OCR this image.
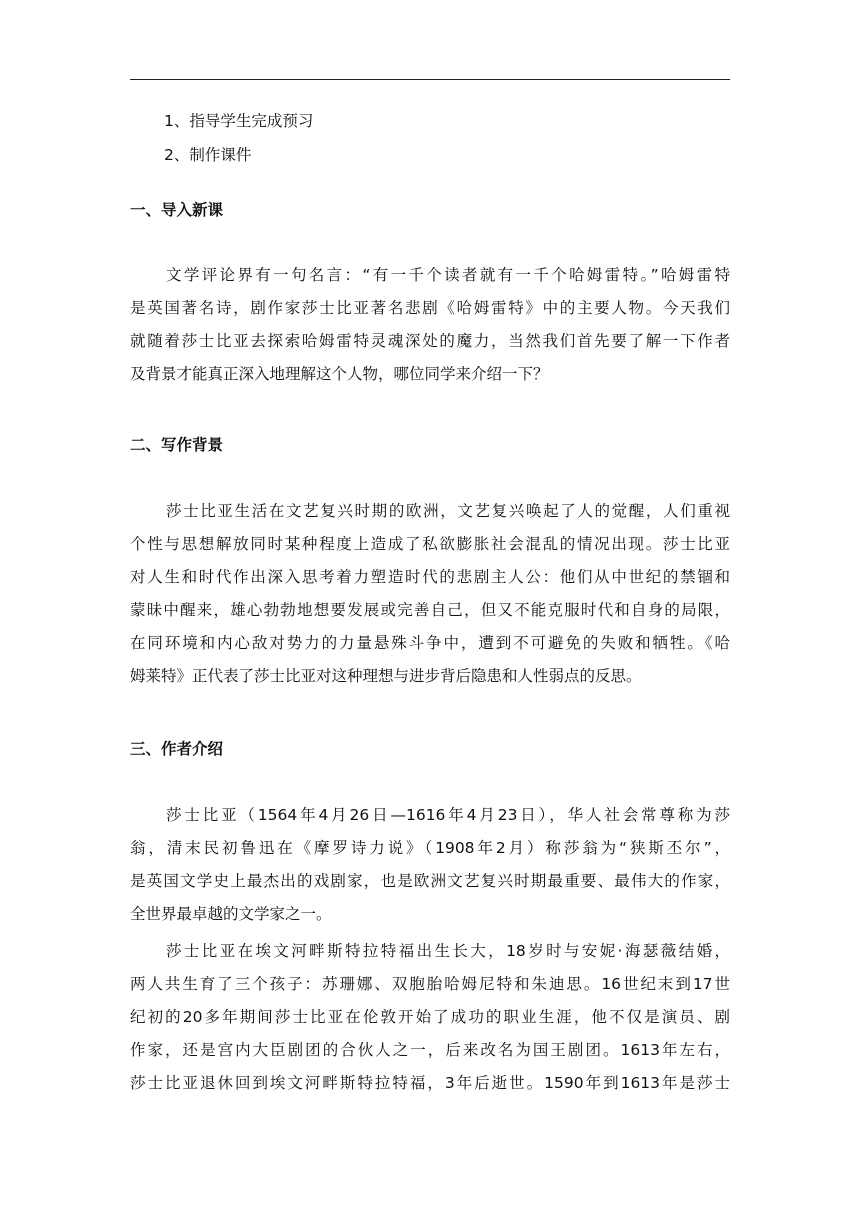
1、指导学生完成预习
2、制作课件
一、导入新课
文学评论界有一句名言：“有一千个读者就有一千个哈姆雷特。”哈姆雷特
是英国著名诗，剧作家莎士比亚著名悲剧《哈姆雷特》中的主要人物。今天我们
就随着莎士比亚去探索哈姆雷特灵魂深处的魔力，当然我们首先要了解一下作者
及背景才能真正深入地理解这个人物，哪位同学来介绍一下？
二、写作背景
莎士比亚生活在文艺复兴时期的欧洲，文艺复兴唤起了人的觉醒，人们重视
个性与思想解放同时某种程度上造成了私欲膨胀社会混乱的情况出现。莎士比亚
对人生和时代作出深入思考着力塑造时代的悲剧主人公：他们从中世纪的禁锢和
蒙昧中醒来，雄心勃勃地想要发展或完善自己，但又不能克服时代和自身的局限，
在同环境和内心敌对势力的力量悬殊斗争中，遭到不可避免的失败和牺牲。《哈
姆莱特》正代表了莎士比亚对这种理想与进步背后隐患和人性弱点的反思。
三、作者介绍
莎士比亚（1564年4月26日—1616年4月23日），华人社会常尊称为莎
翁，清末民初鲁迅在《摩罗诗力说》（1908年2月）称莎翁为“狭斯丕尔”，
是英国文学史上最杰出的戏剧家，也是欧洲文艺复兴时期最重要、最伟大的作家，
全世界最卓越的文学家之一。
莎士比亚在埃文河畔斯特拉特福出生长大，18岁时与安妮·海瑟薇结婚，
两人共生育了三个孩子：苏珊娜、双胞胎哈姆尼特和朱迪思。16世纪末到17世
纪初的20多年期间莎士比亚在伦敦开始了成功的职业生涯，他不仅是演员、剧
作家，还是宫内大臣剧团的合伙人之一，后来改名为国王剧团。1613年左右，
莎士比亚退休回到埃文河畔斯特拉特福，3年后逝世。1590年到1613年是莎士
